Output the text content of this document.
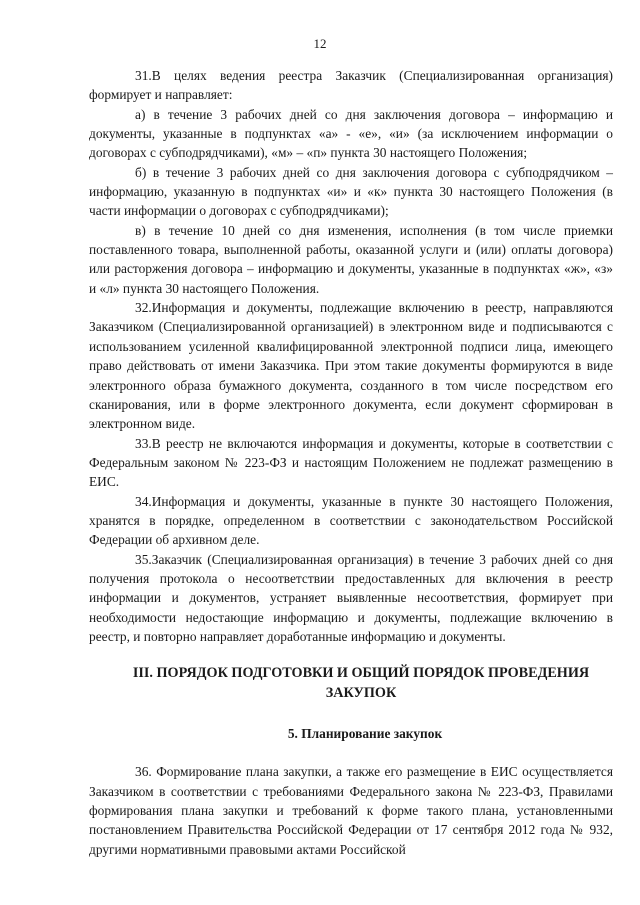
12

31.В целях ведения реестра Заказчик (Специализированная организация) формирует и направляет:

а) в течение 3 рабочих дней со дня заключения договора – информацию и документы, указанные в подпунктах «а» - «е», «и» (за исключением информации о договорах с субподрядчиками), «м» – «п» пункта 30 настоящего Положения;

б) в течение 3 рабочих дней со дня заключения договора с субподрядчиком – информацию, указанную в подпунктах «и» и «к» пункта 30 настоящего Положения (в части информации о договорах с субподрядчиками);

в) в течение 10 дней со дня изменения, исполнения (в том числе приемки поставленного товара, выполненной работы, оказанной услуги и (или) оплаты договора) или расторжения договора – информацию и документы, указанные в подпунктах «ж», «з» и «л» пункта 30 настоящего Положения.

32.Информация и документы, подлежащие включению в реестр, направляются Заказчиком (Специализированной организацией) в электронном виде и подписываются с использованием усиленной квалифицированной электронной подписи лица, имеющего право действовать от имени Заказчика. При этом такие документы формируются в виде электронного образа бумажного документа, созданного в том числе посредством его сканирования, или в форме электронного документа, если документ сформирован в электронном виде.

33.В реестр не включаются информация и документы, которые в соответствии с Федеральным законом № 223-ФЗ и настоящим Положением не подлежат размещению в ЕИС.

34.Информация и документы, указанные в пункте 30 настоящего Положения, хранятся в порядке, определенном в соответствии с законодательством Российской Федерации об архивном деле.

35.Заказчик (Специализированная организация) в течение 3 рабочих дней со дня получения протокола о несоответствии предоставленных для включения в реестр информации и документов, устраняет выявленные несоответствия, формирует при необходимости недостающие информацию и документы, подлежащие включению в реестр, и повторно направляет доработанные информацию и документы.

III. ПОРЯДОК ПОДГОТОВКИ И ОБЩИЙ ПОРЯДОК ПРОВЕДЕНИЯ ЗАКУПОК
5. Планирование закупок

36. Формирование плана закупки, а также его размещение в ЕИС осуществляется Заказчиком в соответствии с требованиями Федерального закона № 223-ФЗ, Правилами формирования плана закупки и требований к форме такого плана, установленными постановлением Правительства Российской Федерации от 17 сентября 2012 года № 932, другими нормативными правовыми актами Российской
